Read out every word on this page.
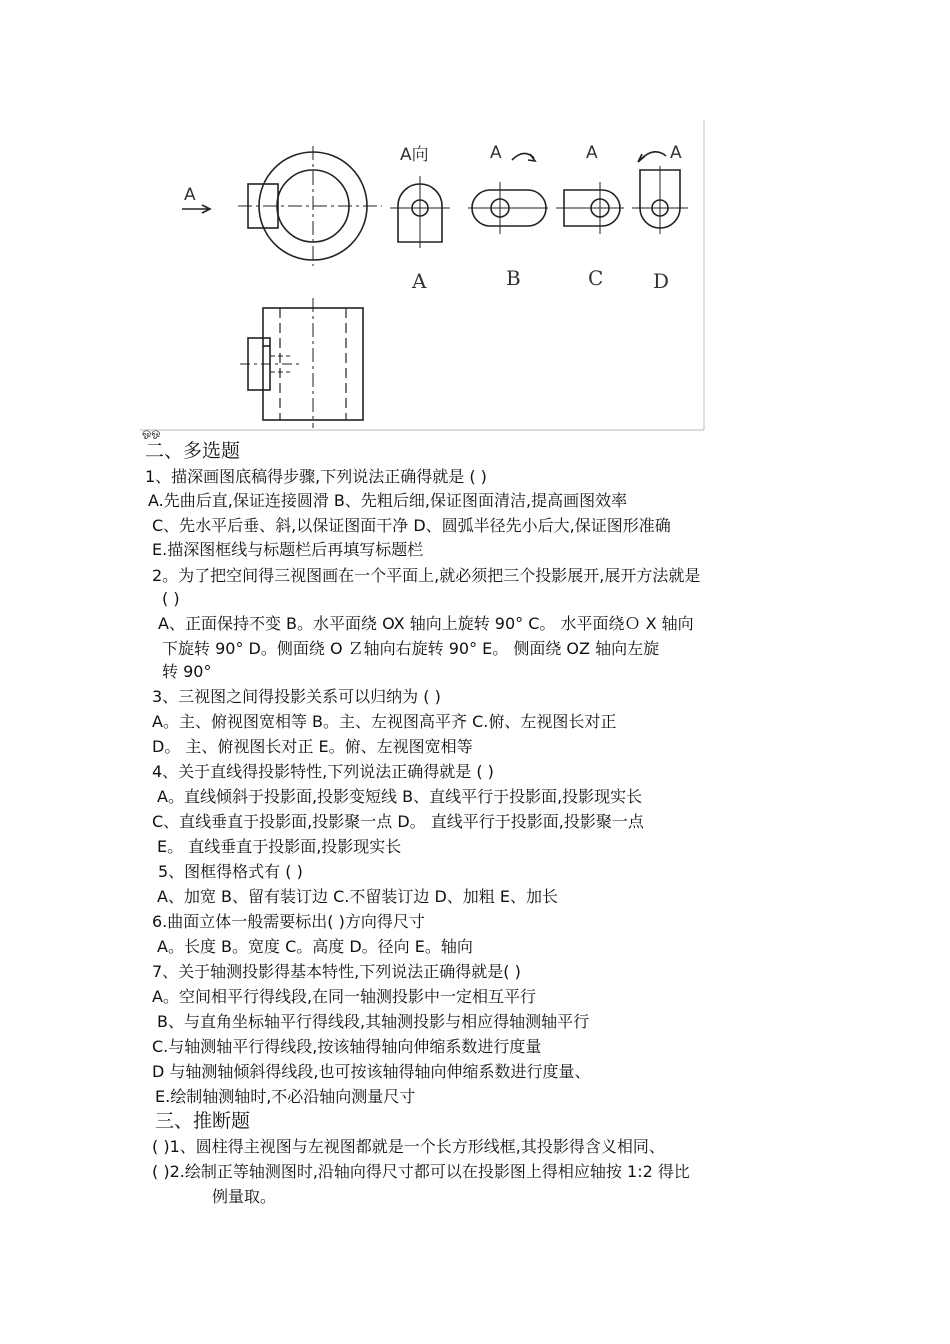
A
A向	A	A	A
A	B	C D
ஓஓ
二、多选题
1、描深画图底稿得步骤,下列说法正确得就是 ( )
A.先曲后直,保证连接圆滑 B、先粗后细,保证图面清洁,提高画图效率
C、先水平后垂、斜,以保证图面干净 D、圆弧半径先小后大,保证图形准确
E.描深图框线与标题栏后再填写标题栏
2。为了把空间得三视图画在一个平面上,就必须把三个投影展开,展开方法就是
( )
A、正面保持不变 B。水平面绕 OX 轴向上旋转 90° C。 水平面绕Ｏ X 轴向
下旋转 90° D。侧面绕 O Ｚ轴向右旋转 90° E。 侧面绕 OZ 轴向左旋
转 90°
3、三视图之间得投影关系可以归纳为 ( )
A。主、俯视图宽相等 B。主、左视图高平齐 C.俯、左视图长对正
D。 主、俯视图长对正 E。俯、左视图宽相等
4、关于直线得投影特性,下列说法正确得就是 ( )
A。直线倾斜于投影面,投影变短线 B、直线平行于投影面,投影现实长
C、直线垂直于投影面,投影聚一点 D。 直线平行于投影面,投影聚一点
E。 直线垂直于投影面,投影现实长
5、图框得格式有 ( )
A、加宽 B、留有装订边 C.不留装订边 D、加粗 E、加长
6.曲面立体一般需要标出( )方向得尺寸
A。长度 B。宽度 C。高度 D。径向 E。轴向
7、关于轴测投影得基本特性,下列说法正确得就是( )
A。空间相平行得线段,在同一轴测投影中一定相互平行
B、与直角坐标轴平行得线段,其轴测投影与相应得轴测轴平行
C.与轴测轴平行得线段,按该轴得轴向伸缩系数进行度量
D 与轴测轴倾斜得线段,也可按该轴得轴向伸缩系数进行度量、
E.绘制轴测轴时,不必沿轴向测量尺寸
三、推断题
( )1、圆柱得主视图与左视图都就是一个长方形线框,其投影得含义相同、
( )2.绘制正等轴测图时,沿轴向得尺寸都可以在投影图上得相应轴按 1:2 得比
例量取。
